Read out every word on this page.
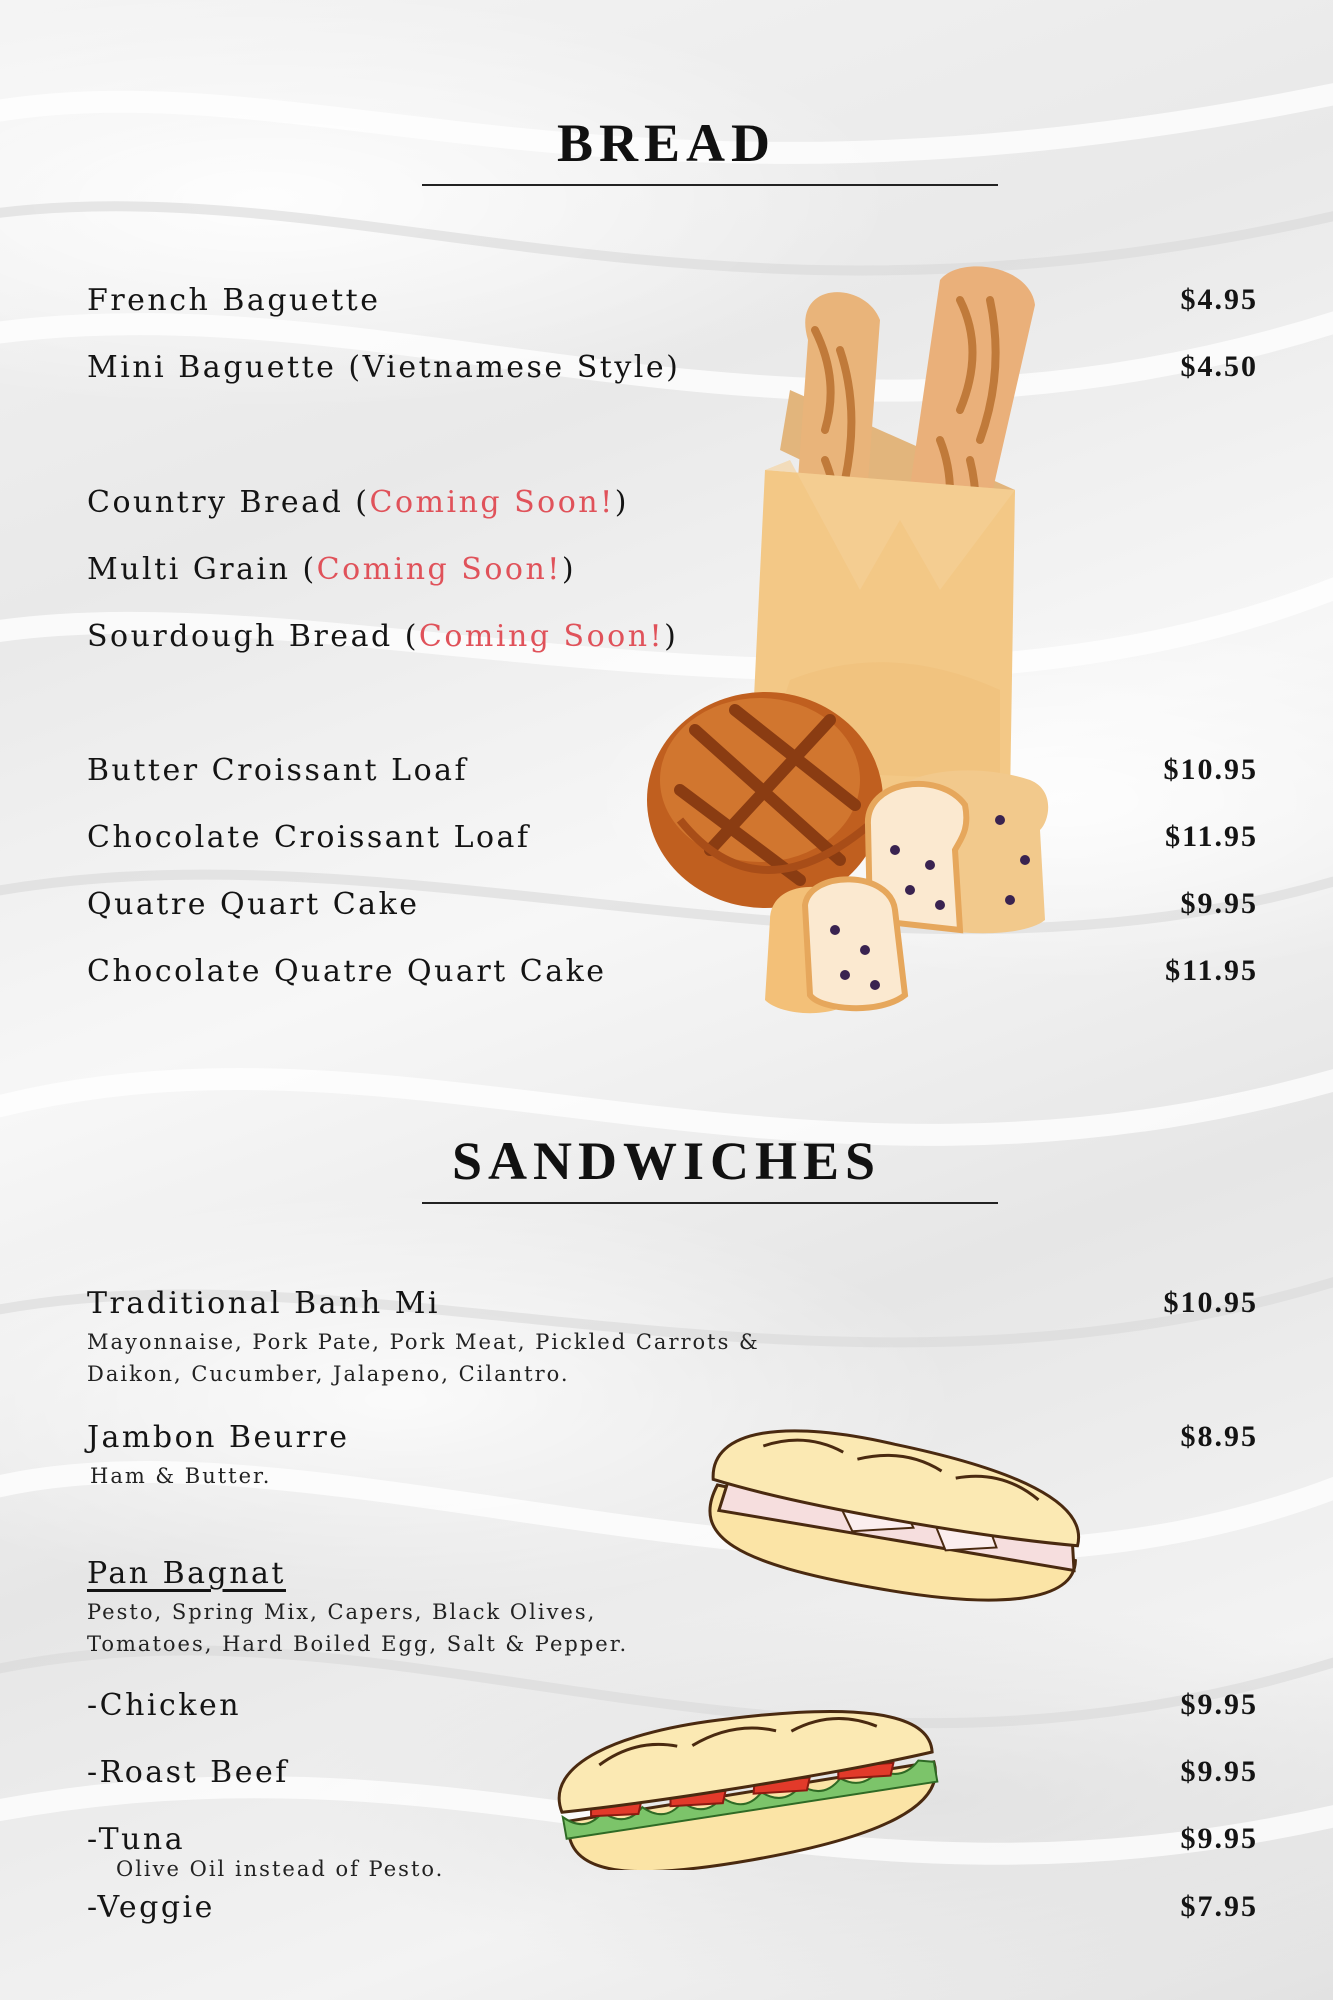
BREAD
French Baguette	$4.95
Mini Baguette (Vietnamese Style)	$4.50
Country Bread (Coming Soon!)
Multi Grain (Coming Soon!)
Sourdough Bread (Coming Soon!)
Butter Croissant Loaf	$10.95
Chocolate Croissant Loaf	$11.95
Quatre Quart Cake	$9.95
Chocolate Quatre Quart Cake	$11.95
SANDWICHES
Traditional Banh Mi	$10.95
Mayonnaise, Pork Pate, Pork Meat, Pickled Carrots &
Daikon, Cucumber, Jalapeno, Cilantro.
Jambon Beurre	$8.95
Ham & Butter.
Pan Bagnat
Pesto, Spring Mix, Capers, Black Olives,
Tomatoes, Hard Boiled Egg, Salt & Pepper.
-Chicken	$9.95
-Roast Beef	$9.95
-Tuna	$9.95
Olive Oil instead of Pesto.
-Veggie	$7.95
